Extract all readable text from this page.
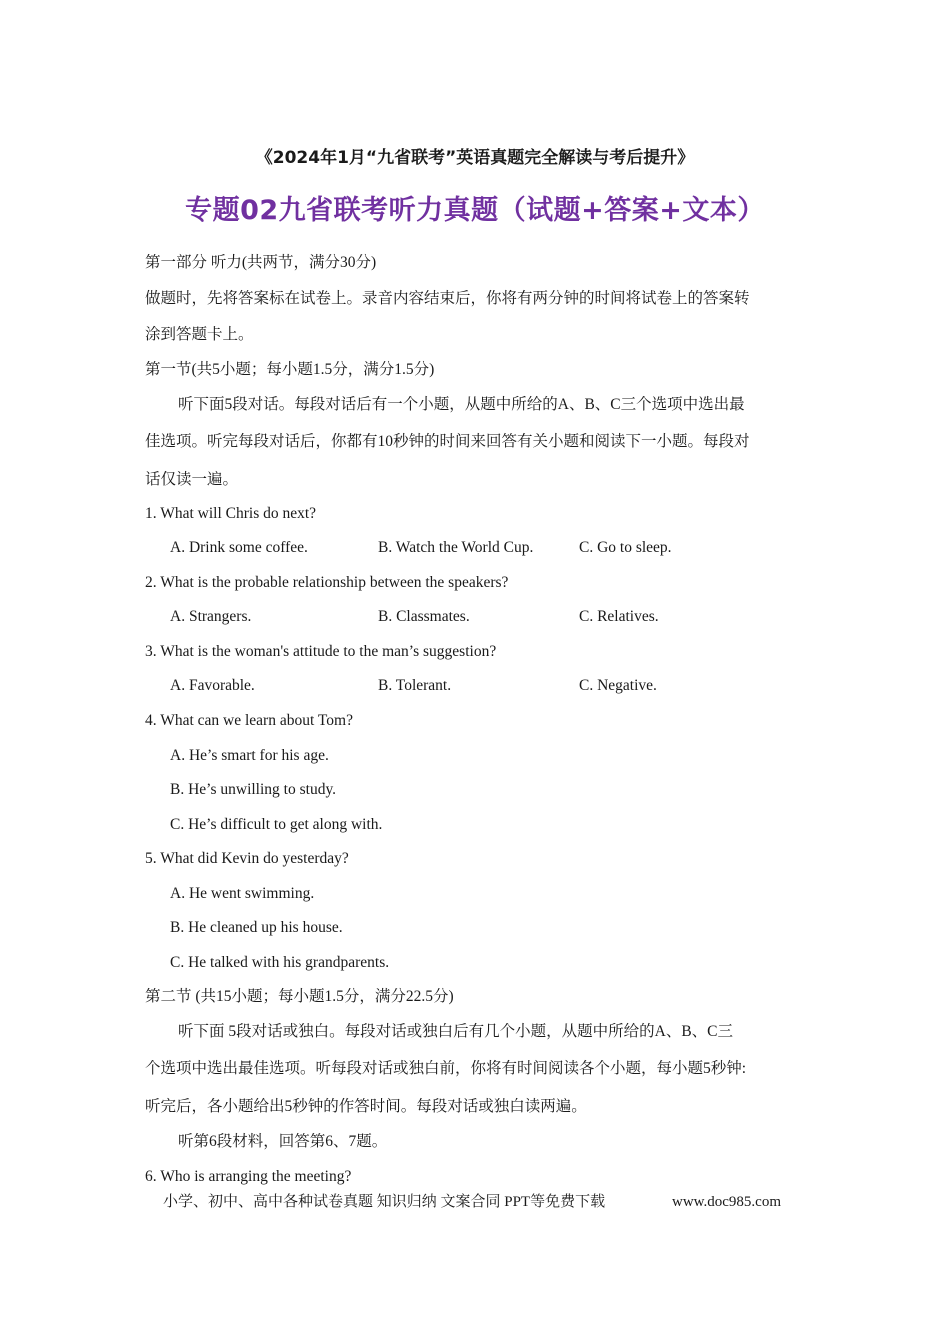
《2024年1月“九省联考”英语真题完全解读与考后提升》
专题02九省联考听力真题（试题+答案+文本）
第一部分 听力(共两节，满分30分)
做题时，先将答案标在试卷上。录音内容结束后，你将有两分钟的时间将试卷上的答案转
涂到答题卡上。
第一节(共5小题；每小题1.5分，满分1.5分)
听下面5段对话。每段对话后有一个小题，从题中所给的A、B、C三个选项中选出最
佳选项。听完每段对话后，你都有10秒钟的时间来回答有关小题和阅读下一小题。每段对
话仅读一遍。
1. What will Chris do next?
A. Drink some coffee.	B. Watch the World Cup.	C. Go to sleep.
2. What is the probable relationship between the speakers?
A. Strangers.	B. Classmates.	C. Relatives.
3. What is the woman's attitude to the man’s suggestion?
A. Favorable.	B. Tolerant.	C. Negative.
4. What can we learn about Tom?
A. He’s smart for his age.
B. He’s unwilling to study.
C. He’s difficult to get along with.
5. What did Kevin do yesterday?
A. He went swimming.
B. He cleaned up his house.
C. He talked with his grandparents.
第二节 (共15小题；每小题1.5分，满分22.5分)
听下面 5段对话或独白。每段对话或独白后有几个小题，从题中所给的A、B、C三
个选项中选出最佳选项。听每段对话或独白前，你将有时间阅读各个小题，每小题5秒钟:
听完后，各小题给出5秒钟的作答时间。每段对话或独白读两遍。
听第6段材料，回答第6、7题。
6. Who is arranging the meeting?
小学、初中、高中各种试卷真题 知识归纳 文案合同 PPT等免费下载	www.doc985.com
